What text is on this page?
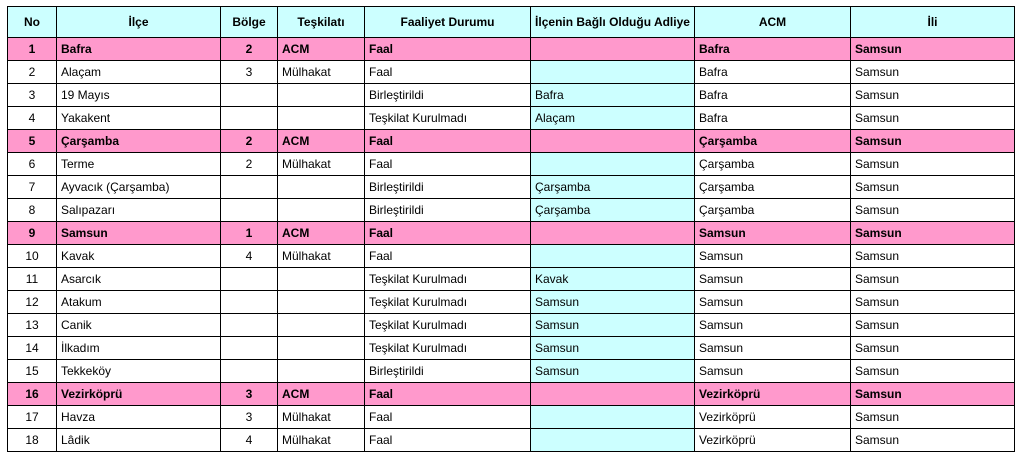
No	İlçe	Bölge	Teşkilatı	Faaliyet Durumu	İlçenin Bağlı Olduğu Adliye	ACM	İli
1	Bafra	2	ACM	Faal		Bafra	Samsun
2	Alaçam	3	Mülhakat	Faal		Bafra	Samsun
3	19 Mayıs			Birleştirildi	Bafra	Bafra	Samsun
4	Yakakent			Teşkilat Kurulmadı	Alaçam	Bafra	Samsun
5	Çarşamba	2	ACM	Faal		Çarşamba	Samsun
6	Terme	2	Mülhakat	Faal		Çarşamba	Samsun
7	Ayvacık (Çarşamba)			Birleştirildi	Çarşamba	Çarşamba	Samsun
8	Salıpazarı			Birleştirildi	Çarşamba	Çarşamba	Samsun
9	Samsun	1	ACM	Faal		Samsun	Samsun
10	Kavak	4	Mülhakat	Faal		Samsun	Samsun
11	Asarcık			Teşkilat Kurulmadı	Kavak	Samsun	Samsun
12	Atakum			Teşkilat Kurulmadı	Samsun	Samsun	Samsun
13	Canik			Teşkilat Kurulmadı	Samsun	Samsun	Samsun
14	İlkadım			Teşkilat Kurulmadı	Samsun	Samsun	Samsun
15	Tekkeköy			Birleştirildi	Samsun	Samsun	Samsun
16	Vezirköprü	3	ACM	Faal		Vezirköprü	Samsun
17	Havza	3	Mülhakat	Faal		Vezirköprü	Samsun
18	Lâdik	4	Mülhakat	Faal		Vezirköprü	Samsun
